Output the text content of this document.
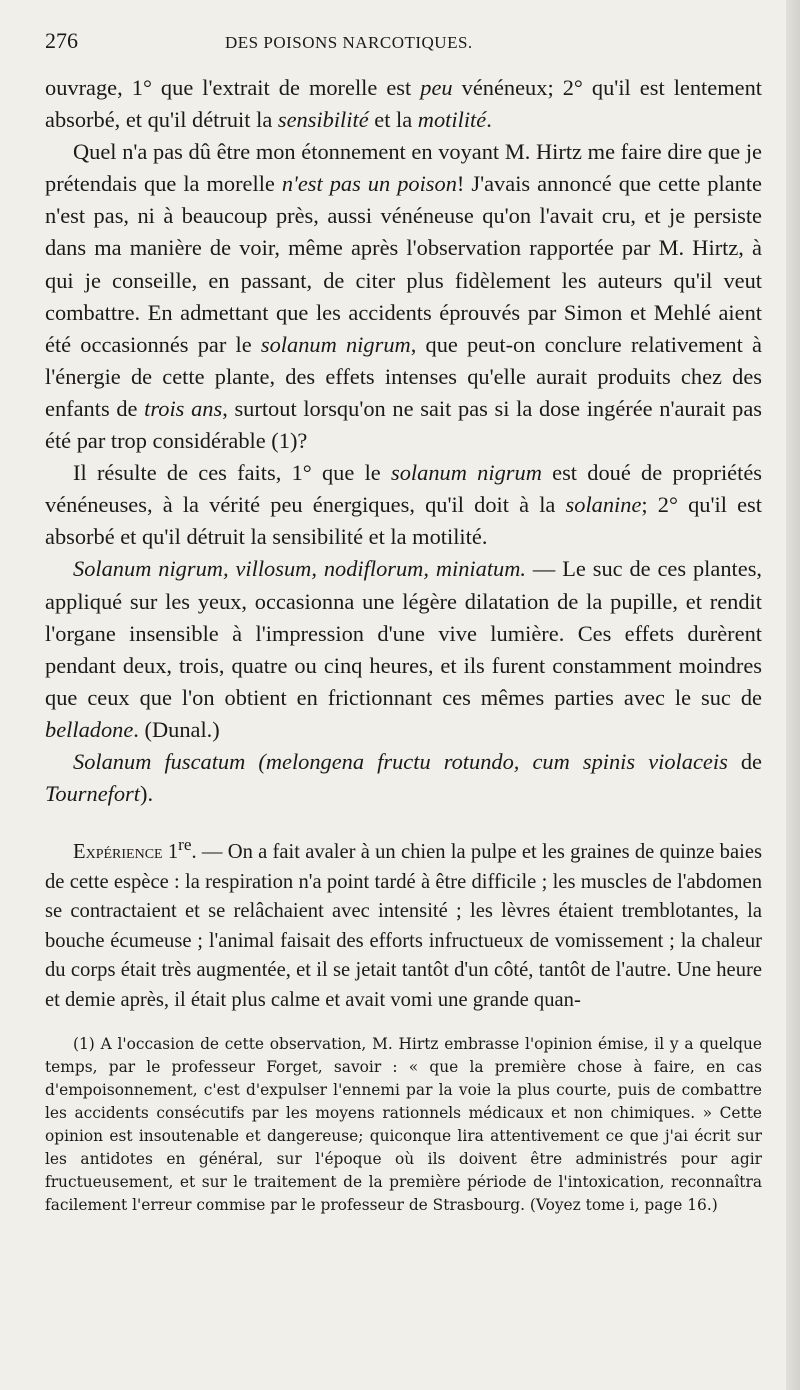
276	DES POISONS NARCOTIQUES.

ouvrage, 1° que l'extrait de morelle est peu vénéneux; 2° qu'il est lentement absorbé, et qu'il détruit la sensibilité et la motilité.

Quel n'a pas dû être mon étonnement en voyant M. Hirtz me faire dire que je prétendais que la morelle n'est pas un poison! J'avais annoncé que cette plante n'est pas, ni à beaucoup près, aussi vénéneuse qu'on l'avait cru, et je persiste dans ma manière de voir, même après l'observation rapportée par M. Hirtz, à qui je conseille, en passant, de citer plus fidèlement les auteurs qu'il veut combattre. En admettant que les accidents éprouvés par Simon et Mehlé aient été occasionnés par le solanum nigrum, que peut-on conclure relativement à l'énergie de cette plante, des effets intenses qu'elle aurait produits chez des enfants de trois ans, surtout lorsqu'on ne sait pas si la dose ingérée n'aurait pas été par trop considérable (1)?

Il résulte de ces faits, 1° que le solanum nigrum est doué de propriétés vénéneuses, à la vérité peu énergiques, qu'il doit à la solanine; 2° qu'il est absorbé et qu'il détruit la sensibilité et la motilité.

Solanum nigrum, villosum, nodiflorum, miniatum. — Le suc de ces plantes, appliqué sur les yeux, occasionna une légère dilatation de la pupille, et rendit l'organe insensible à l'impression d'une vive lumière. Ces effets durèrent pendant deux, trois, quatre ou cinq heures, et ils furent constamment moindres que ceux que l'on obtient en frictionnant ces mêmes parties avec le suc de belladone. (Dunal.)

Solanum fuscatum (melongena fructu rotundo, cum spinis violaceis de Tournefort).

Expérience 1re. — On a fait avaler à un chien la pulpe et les graines de quinze baies de cette espèce : la respiration n'a point tardé à être difficile ; les muscles de l'abdomen se contractaient et se relâchaient avec intensité ; les lèvres étaient tremblotantes, la bouche écumeuse ; l'animal faisait des efforts infructueux de vomissement ; la chaleur du corps était très augmentée, et il se jetait tantôt d'un côté, tantôt de l'autre. Une heure et demie après, il était plus calme et avait vomi une grande quan-

(1) A l'occasion de cette observation, M. Hirtz embrasse l'opinion émise, il y a quelque temps, par le professeur Forget, savoir : « que la première chose à faire, en cas d'empoisonnement, c'est d'expulser l'ennemi par la voie la plus courte, puis de combattre les accidents consécutifs par les moyens rationnels médicaux et non chimiques. » Cette opinion est insoutenable et dangereuse; quiconque lira attentivement ce que j'ai écrit sur les antidotes en général, sur l'époque où ils doivent être administrés pour agir fructueusement, et sur le traitement de la première période de l'intoxication, reconnaîtra facilement l'erreur commise par le professeur de Strasbourg. (Voyez tome i, page 16.)
